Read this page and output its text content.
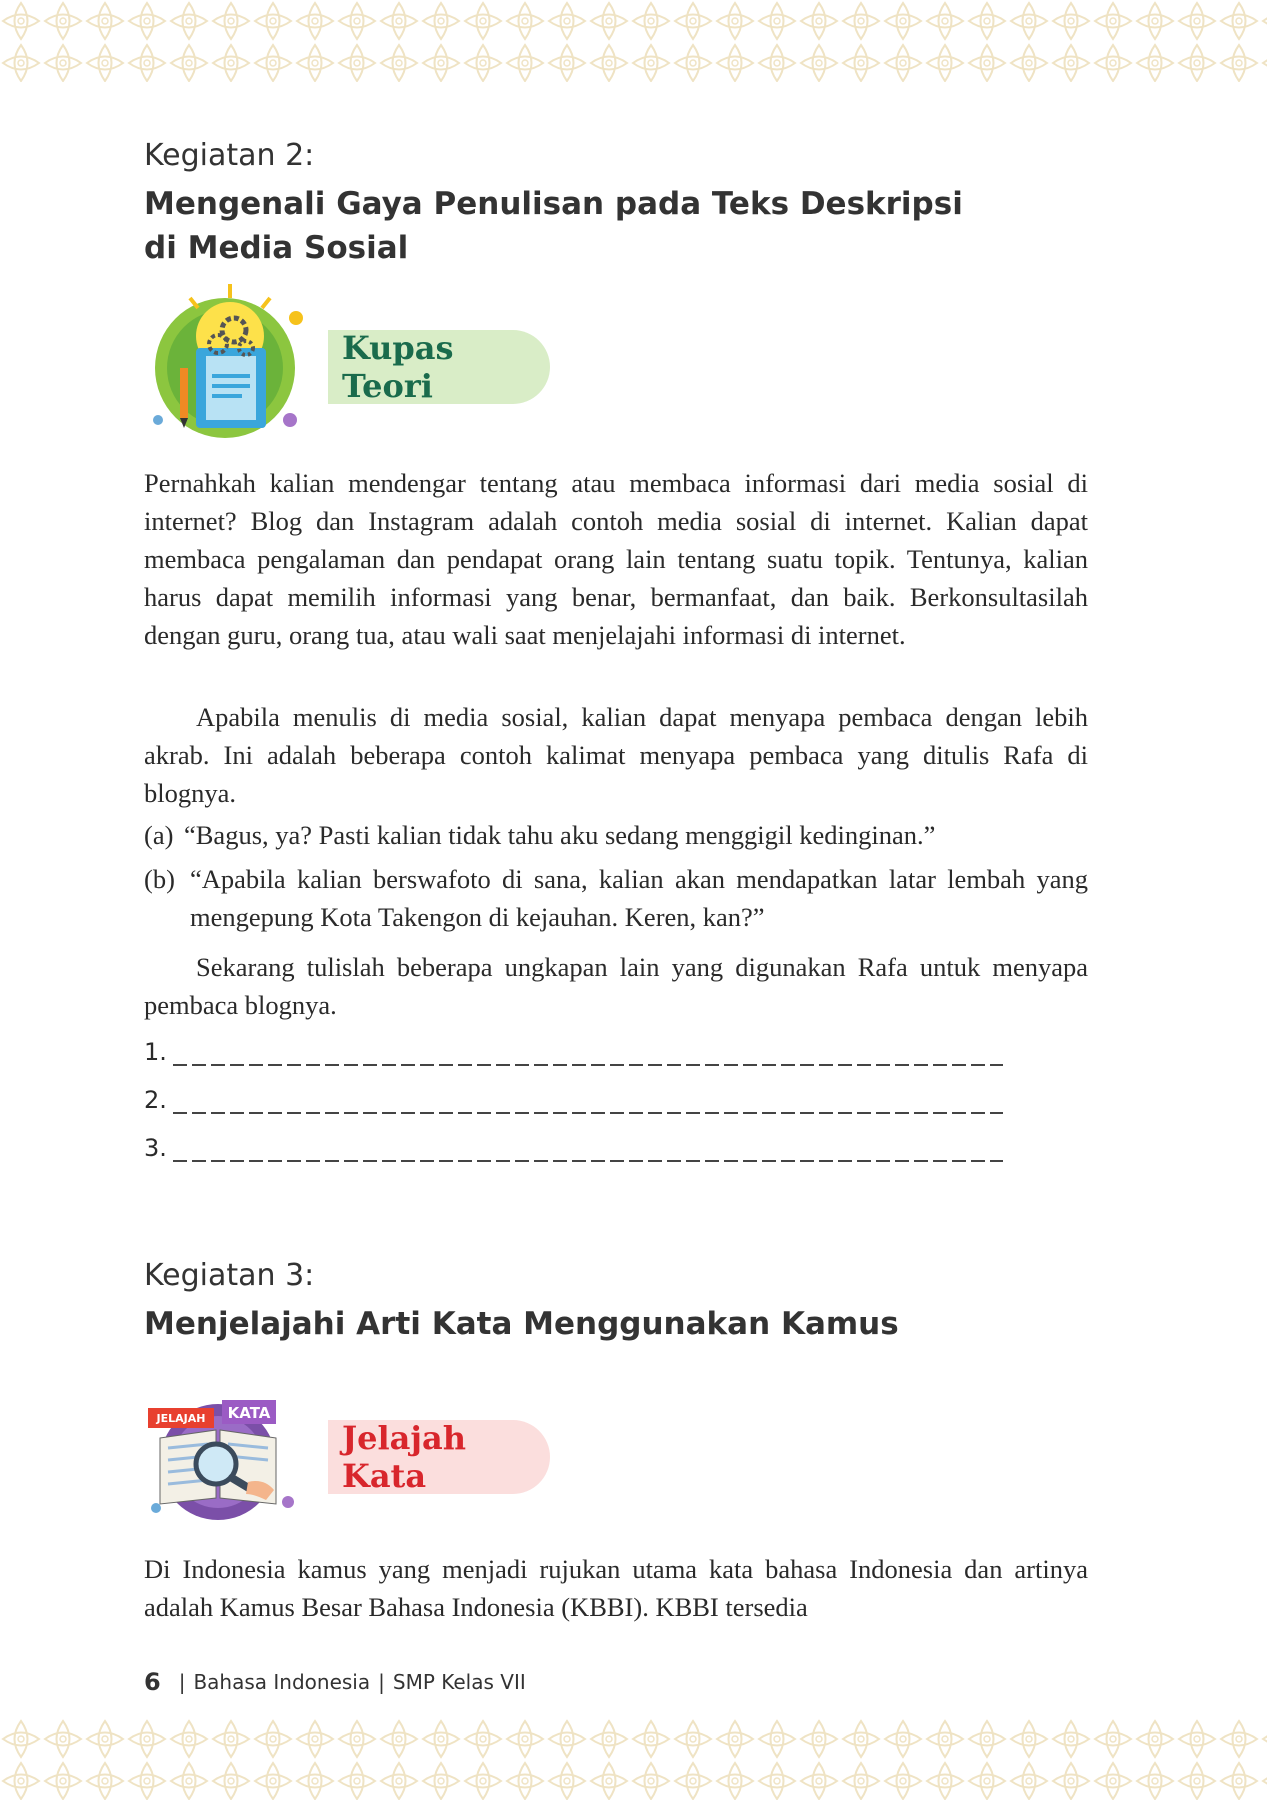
Kegiatan 2:
Mengenali Gaya Penulisan pada Teks Deskripsi
di Media Sosial
Kupas Teori

Pernahkah kalian mendengar tentang atau membaca informasi dari media sosial di internet? Blog dan Instagram adalah contoh media sosial di internet. Kalian dapat membaca pengalaman dan pendapat orang lain tentang suatu topik. Tentunya, kalian harus dapat memilih informasi yang benar, bermanfaat, dan baik. Berkonsultasilah dengan guru, orang tua, atau wali saat menjelajahi informasi di internet.

Apabila menulis di media sosial, kalian dapat menyapa pembaca dengan lebih akrab. Ini adalah beberapa contoh kalimat menyapa pembaca yang ditulis Rafa di blognya.

(a) “Bagus, ya? Pasti kalian tidak tahu aku sedang menggigil kedinginan.”
(b) “Apabila kalian berswafoto di sana, kalian akan mendapatkan latar lembah yang mengepung Kota Takengon di kejauhan. Keren, kan?”

Sekarang tulislah beberapa ungkapan lain yang digunakan Rafa untuk menyapa pembaca blognya.

1.
2.
3.
Kegiatan 3:
Menjelajahi Arti Kata Menggunakan Kamus
JELAJAH KATA
Jelajah Kata

Di Indonesia kamus yang menjadi rujukan utama kata bahasa Indonesia dan artinya adalah Kamus Besar Bahasa Indonesia (KBBI). KBBI tersedia

6 | Bahasa Indonesia | SMP Kelas VII
